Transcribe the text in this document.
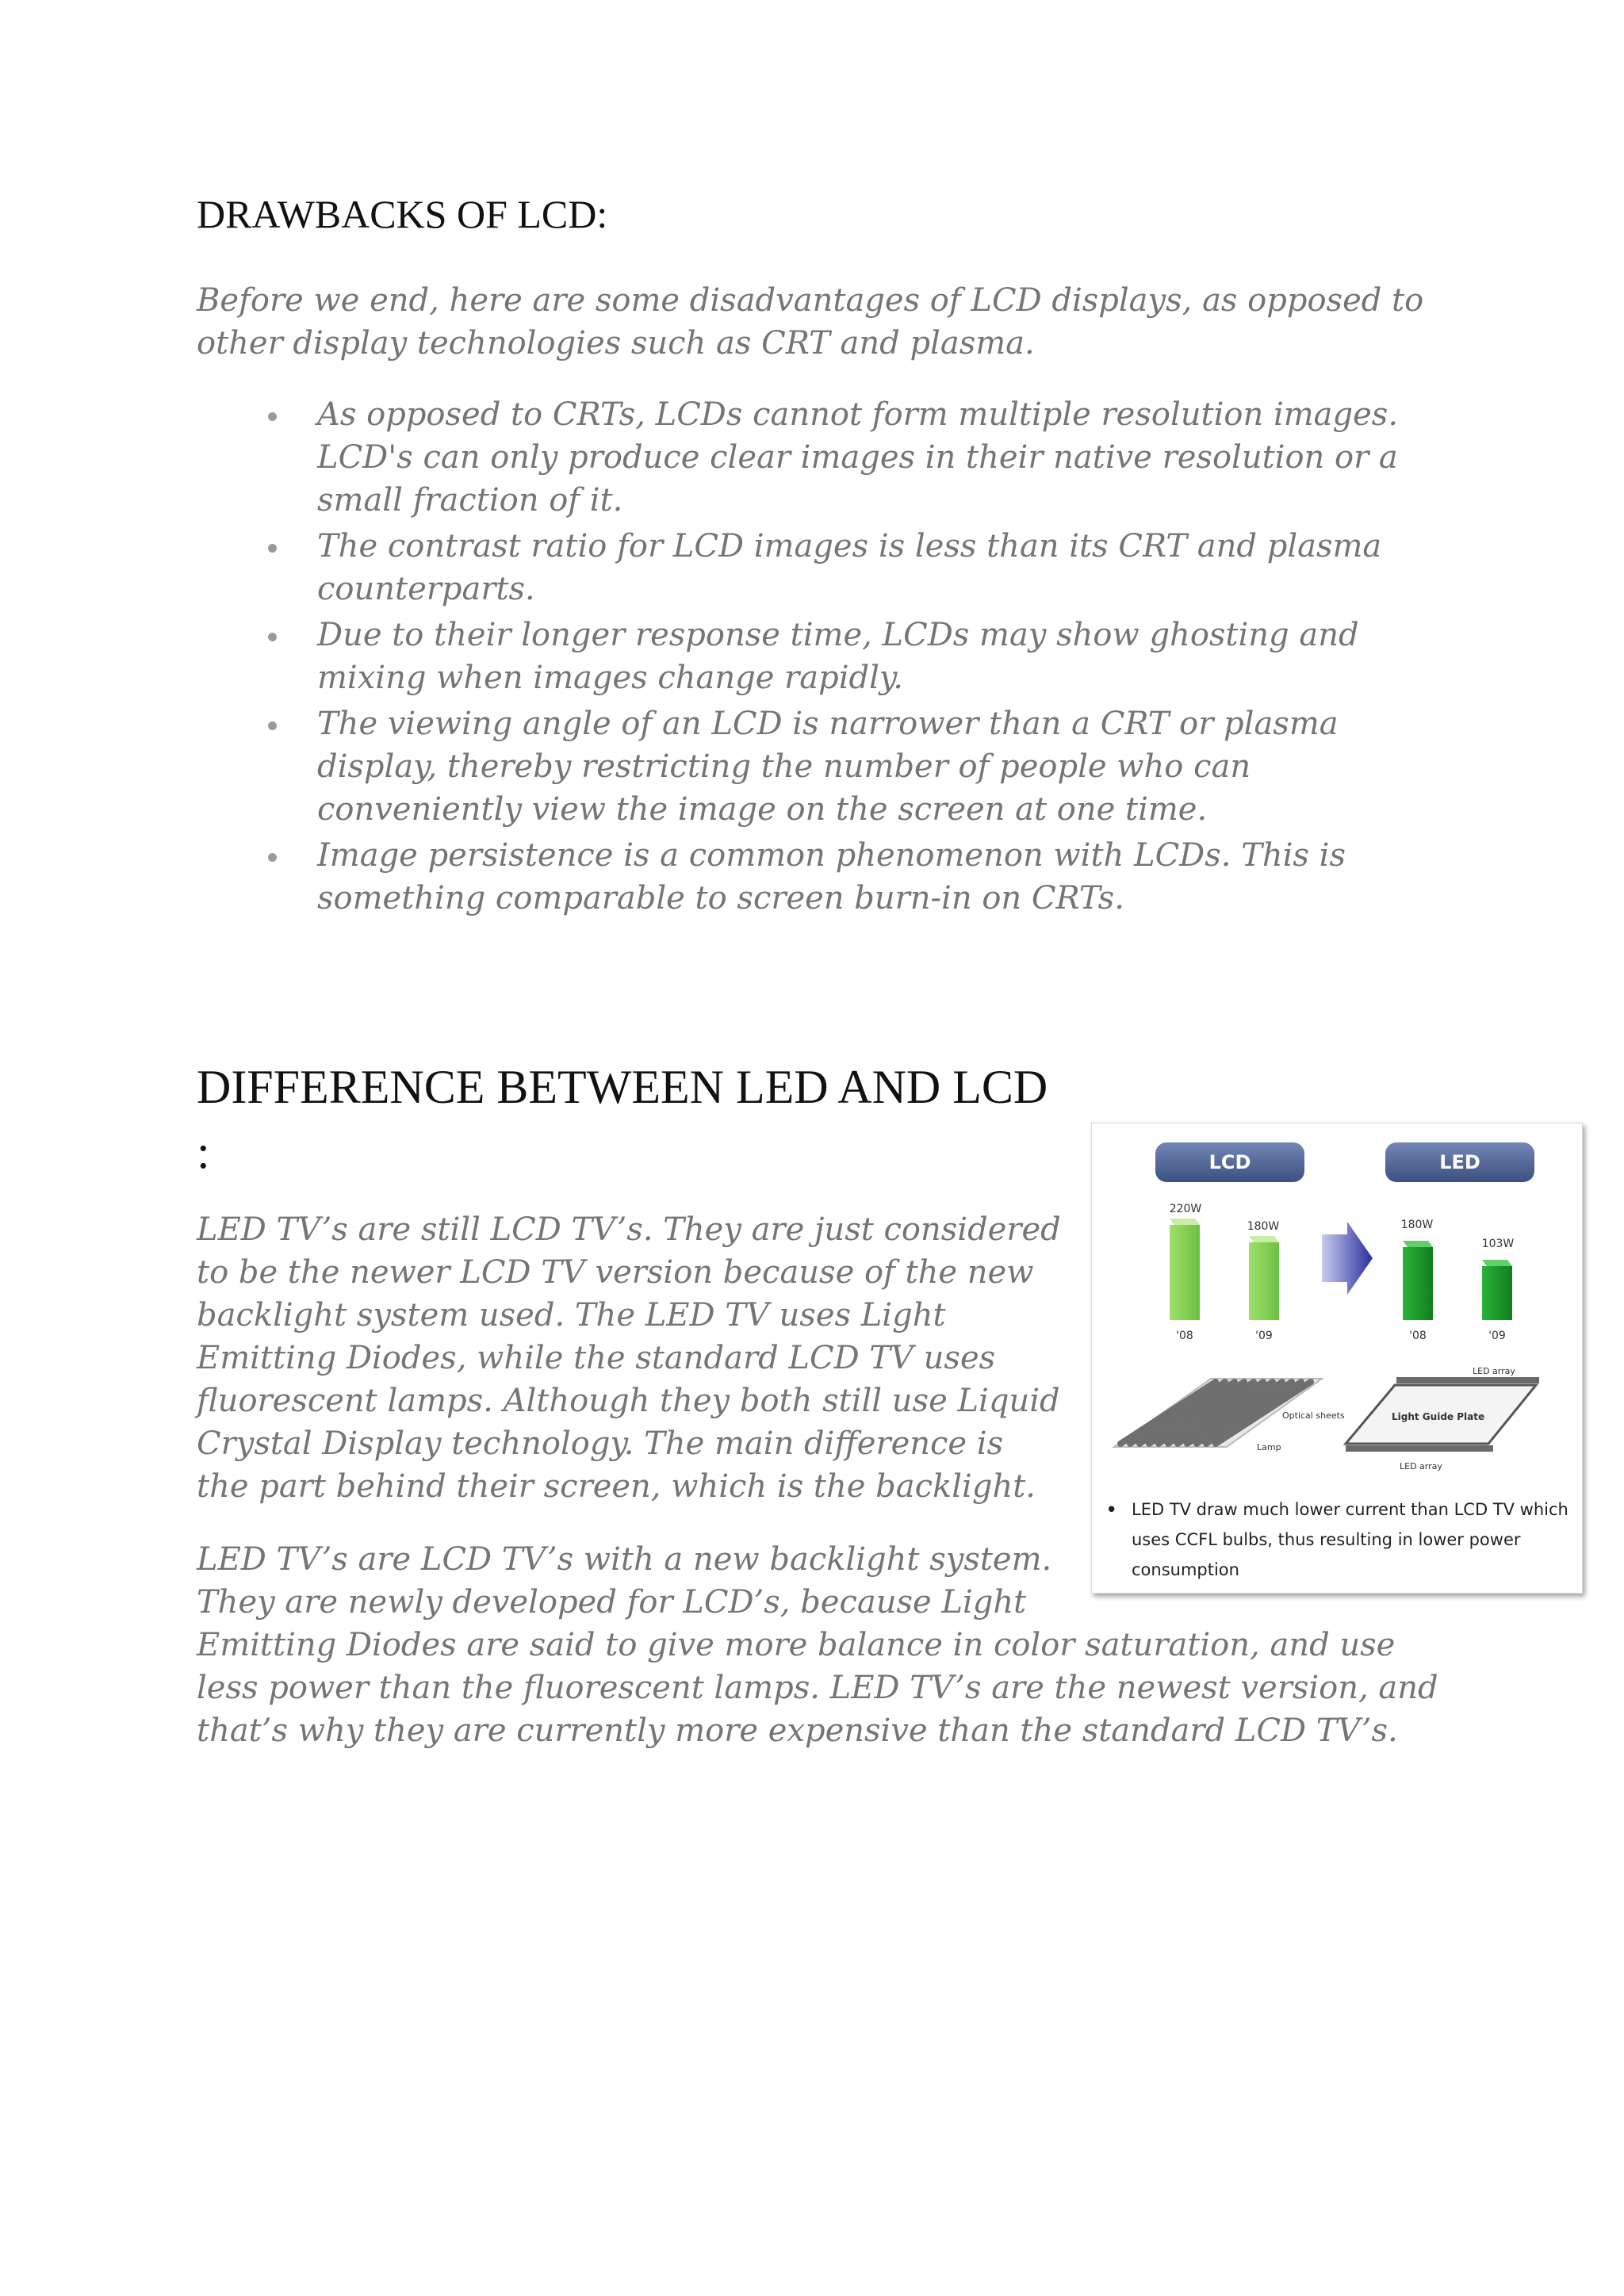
DRAWBACKS OF LCD:

Before we end, here are some disadvantages of LCD displays, as opposed to other display technologies such as CRT and plasma.

As opposed to CRTs, LCDs cannot form multiple resolution images. LCD's can only produce clear images in their native resolution or a small fraction of it.
The contrast ratio for LCD images is less than its CRT and plasma counterparts.
Due to their longer response time, LCDs may show ghosting and mixing when images change rapidly.
The viewing angle of an LCD is narrower than a CRT or plasma display, thereby restricting the number of people who can conveniently view the image on the screen at one time.
Image persistence is a common phenomenon with LCDs. This is something comparable to screen burn-in on CRTs.
DIFFERENCE BETWEEN LED AND LCD :

LED TV’s are still LCD TV’s. They are just considered to be the newer LCD TV version because of the new backlight system used. The LED TV uses Light Emitting Diodes, while the standard LCD TV uses fluorescent lamps. Although they both still use Liquid Crystal Display technology. The main difference is the part behind their screen, which is the backlight.

LED TV’s are LCD TV’s with a new backlight system. They are newly developed for LCD’s, because Light Emitting Diodes are said to give more balance in color saturation, and use less power than the fluorescent lamps. LED TV’s are the newest version, and that’s why they are currently more expensive than the standard LCD TV’s.

LCD	LED
220W
'08
180W
'09
180W
'08
103W
'09
Optical sheets
Lamp
LED array
Light Guide Plate
LED array
• LED TV draw much lower current than LCD TV which uses CCFL bulbs, thus resulting in lower power consumption
